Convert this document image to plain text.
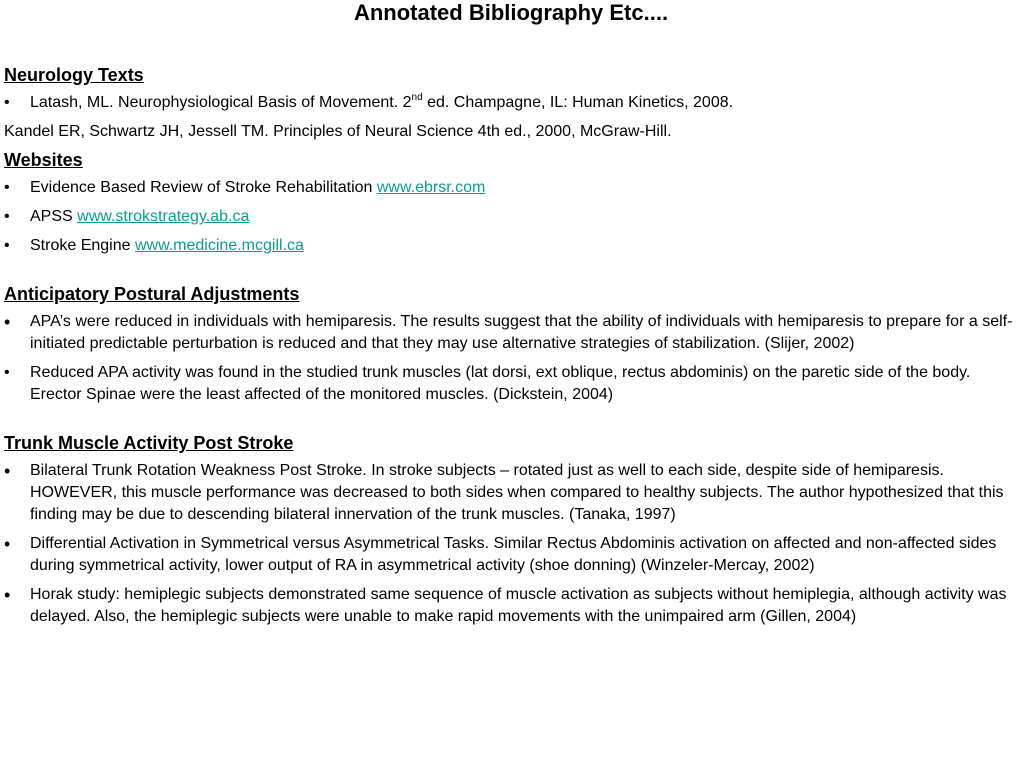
Annotated Bibliography Etc....
Neurology Texts

•	Latash, ML. Neurophysiological Basis of Movement. 2nd ed. Champagne, IL: Human Kinetics, 2008.

Kandel ER, Schwartz JH, Jessell TM. Principles of Neural Science 4th ed., 2000, McGraw-Hill.

Websites

•	Evidence Based Review of Stroke Rehabilitation www.ebrsr.com

•	APSS www.strokstrategy.ab.ca

•	Stroke Engine www.medicine.mcgill.ca

Anticipatory Postural Adjustments

•	APA’s were reduced in individuals with hemiparesis. The results suggest that the ability of individuals with hemiparesis to prepare for a self-initiated predictable perturbation is reduced and that they may use alternative strategies of stabilization. (Slijer, 2002)

•	Reduced APA activity was found in the studied trunk muscles (lat dorsi, ext oblique, rectus abdominis) on the paretic side of the body. Erector Spinae were the least affected of the monitored muscles. (Dickstein, 2004)

Trunk Muscle Activity Post Stroke

•	Bilateral Trunk Rotation Weakness Post Stroke. In stroke subjects – rotated just as well to each side, despite side of hemiparesis. HOWEVER, this muscle performance was decreased to both sides when compared to healthy subjects. The author hypothesized that this finding may be due to descending bilateral innervation of the trunk muscles. (Tanaka, 1997)

•	Differential Activation in Symmetrical versus Asymmetrical Tasks. Similar Rectus Abdominis activation on affected and non-affected sides during symmetrical activity, lower output of RA in asymmetrical activity (shoe donning) (Winzeler-Mercay, 2002)

•	Horak study: hemiplegic subjects demonstrated same sequence of muscle activation as subjects without hemiplegia, although activity was delayed. Also, the hemiplegic subjects were unable to make rapid movements with the unimpaired arm (Gillen, 2004)
